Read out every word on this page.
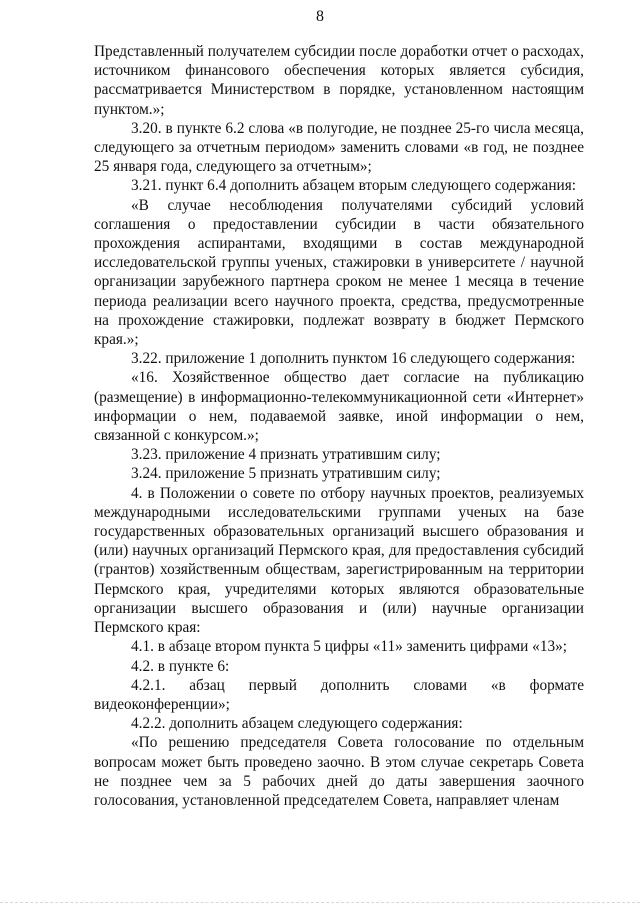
8

Представленный получателем субсидии после доработки отчет о расходах, источником финансового обеспечения которых является субсидия, рассматривается Министерством в порядке, установленном настоящим пунктом.»;

3.20. в пункте 6.2 слова «в полугодие, не позднее 25-го числа месяца, следующего за отчетным периодом» заменить словами «в год, не позднее 25 января года, следующего за отчетным»;

3.21. пункт 6.4 дополнить абзацем вторым следующего содержания:

«В случае несоблюдения получателями субсидий условий соглашения о предоставлении субсидии в части обязательного прохождения аспирантами, входящими в состав международной исследовательской группы ученых, стажировки в университете / научной организации зарубежного партнера сроком не менее 1 месяца в течение периода реализации всего научного проекта, средства, предусмотренные на прохождение стажировки, подлежат возврату в бюджет Пермского края.»;

3.22. приложение 1 дополнить пунктом 16 следующего содержания:

«16. Хозяйственное общество дает согласие на публикацию (размещение) в информационно-телекоммуникационной сети «Интернет» информации о нем, подаваемой заявке, иной информации о нем, связанной с конкурсом.»;

3.23. приложение 4 признать утратившим силу;

3.24. приложение 5 признать утратившим силу;

4. в Положении о совете по отбору научных проектов, реализуемых международными исследовательскими группами ученых на базе государственных образовательных организаций высшего образования и (или) научных организаций Пермского края, для предоставления субсидий (грантов) хозяйственным обществам, зарегистрированным на территории Пермского края, учредителями которых являются образовательные организации высшего образования и (или) научные организации Пермского края:

4.1. в абзаце втором пункта 5 цифры «11» заменить цифрами «13»;

4.2. в пункте 6:

4.2.1. абзац первый дополнить словами «в формате видеоконференции»;

4.2.2. дополнить абзацем следующего содержания:

«По решению председателя Совета голосование по отдельным вопросам может быть проведено заочно. В этом случае секретарь Совета не позднее чем за 5 рабочих дней до даты завершения заочного голосования, установленной председателем Совета, направляет членам
